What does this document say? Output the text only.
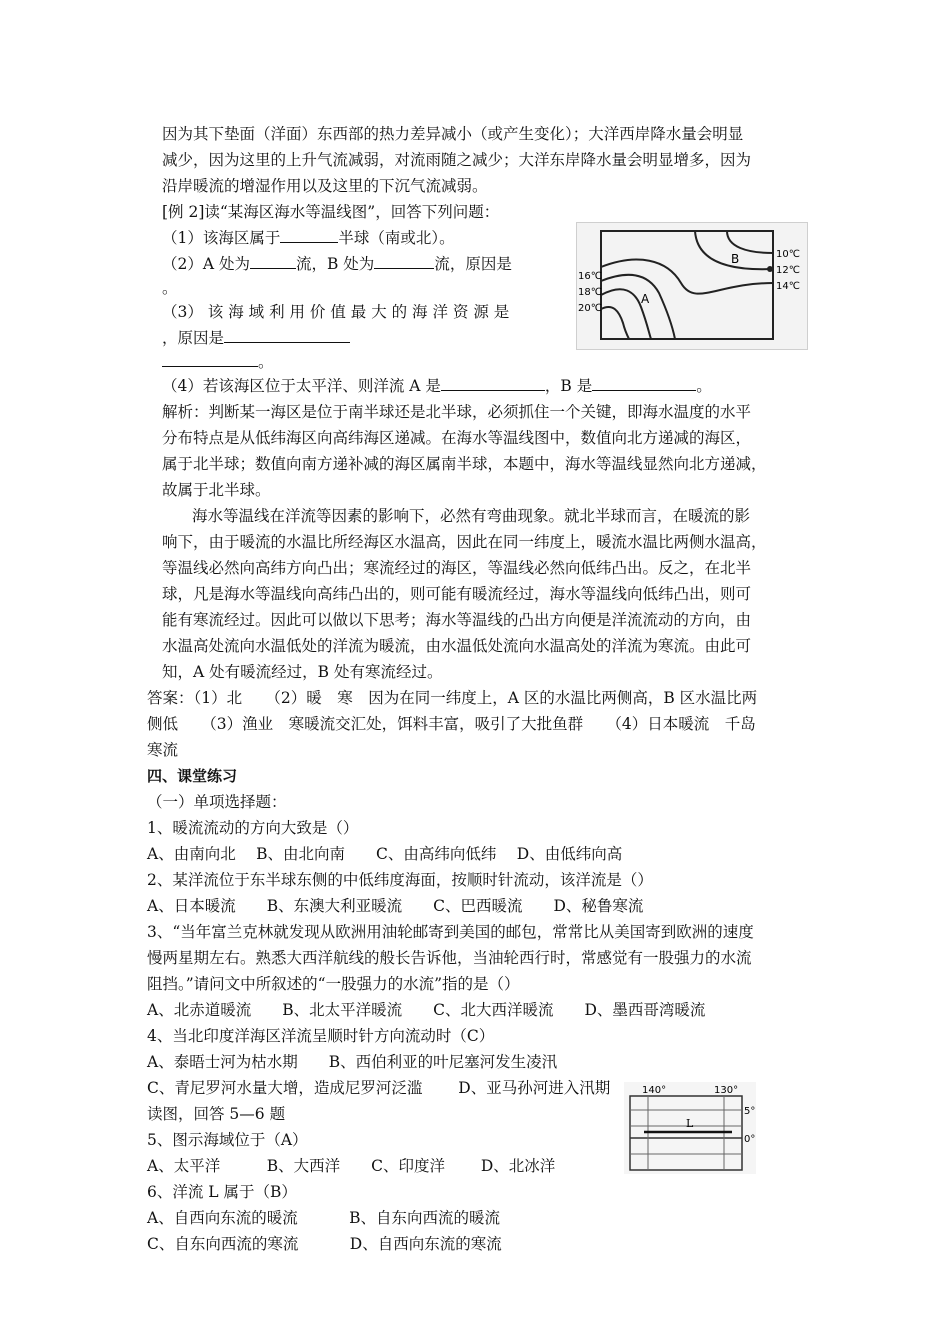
因为其下垫面（洋面）东西部的热力差异减小（或产生变化）；大洋西岸降水量会明显
减少，因为这里的上升气流减弱，对流雨随之减少；大洋东岸降水量会明显增多，因为
沿岸暖流的增湿作用以及这里的下沉气流减弱。
[例 2]读“某海区海水等温线图”，回答下列问题：
（1）该海区属于	半球（南或北）。
（2）A 处为	流，B 处为	流，原因是
。
（3） 该 海 域 利 用 价 值 最 大 的 海 洋 资 源 是
，原因是
。
（4）若该海区位于太平洋、则洋流 A 是	，B 是	。
B
A
10℃
12℃
14℃
16℃
18℃
20℃
解析：判断某一海区是位于南半球还是北半球，必须抓住一个关键，即海水温度的水平
分布特点是从低纬海区向高纬海区递减。在海水等温线图中，数值向北方递减的海区，
属于北半球；数值向南方递补减的海区属南半球，本题中，海水等温线显然向北方递减，
故属于北半球。
海水等温线在洋流等因素的影响下，必然有弯曲现象。就北半球而言，在暖流的影
响下，由于暖流的水温比所经海区水温高，因此在同一纬度上，暖流水温比两侧水温高，
等温线必然向高纬方向凸出；寒流经过的海区，等温线必然向低纬凸出。反之，在北半
球，凡是海水等温线向高纬凸出的，则可能有暖流经过，海水等温线向低纬凸出，则可
能有寒流经过。因此可以做以下思考；海水等温线的凸出方向便是洋流流动的方向，由
水温高处流向水温低处的洋流为暖流，由水温低处流向水温高处的洋流为寒流。由此可
知，A 处有暖流经过，B 处有寒流经过。
答案：（1）北　　（2）暖　寒　因为在同一纬度上，A 区的水温比两侧高，B 区水温比两
侧低　　（3）渔业　寒暖流交汇处，饵料丰富，吸引了大批鱼群　　（4）日本暖流　千岛
寒流
四、课堂练习
（一）单项选择题：
1、暖流流动的方向大致是（）
A、由南向北　 B、由北向南　　C、由高纬向低纬　 D、由低纬向高
2、某洋流位于东半球东侧的中低纬度海面，按顺时针流动，该洋流是（）
A、日本暖流　　B、东澳大利亚暖流　　C、巴西暖流　　D、秘鲁寒流
3、“当年富兰克林就发现从欧洲用油轮邮寄到美国的邮包，常常比从美国寄到欧洲的速度
慢两星期左右。熟悉大西洋航线的般长告诉他，当油轮西行时，常感觉有一股强力的水流
阻挡。”请问文中所叙述的“一股强力的水流”指的是（）
A、北赤道暖流　　B、北太平洋暖流　　C、北大西洋暖流　　D、墨西哥湾暖流
4、当北印度洋海区洋流呈顺时针方向流动时（C）
A、泰晤士河为枯水期　　B、西伯利亚的叶尼塞河发生凌汛
C、青尼罗河水量大增，造成尼罗河泛滥　　 D、亚马孙河进入汛期
读图，回答 5—6 题
5、图示海域位于（A）
A、太平洋　　　B、大西洋　　C、印度洋　　 D、北冰洋
6、洋流 L 属于（B）
A、自西向东流的暖流　　　 B、自东向西流的暖流
C、自东向西流的寒流　　　 D、自西向东流的寒流
L
140°	130°
5°
0°
